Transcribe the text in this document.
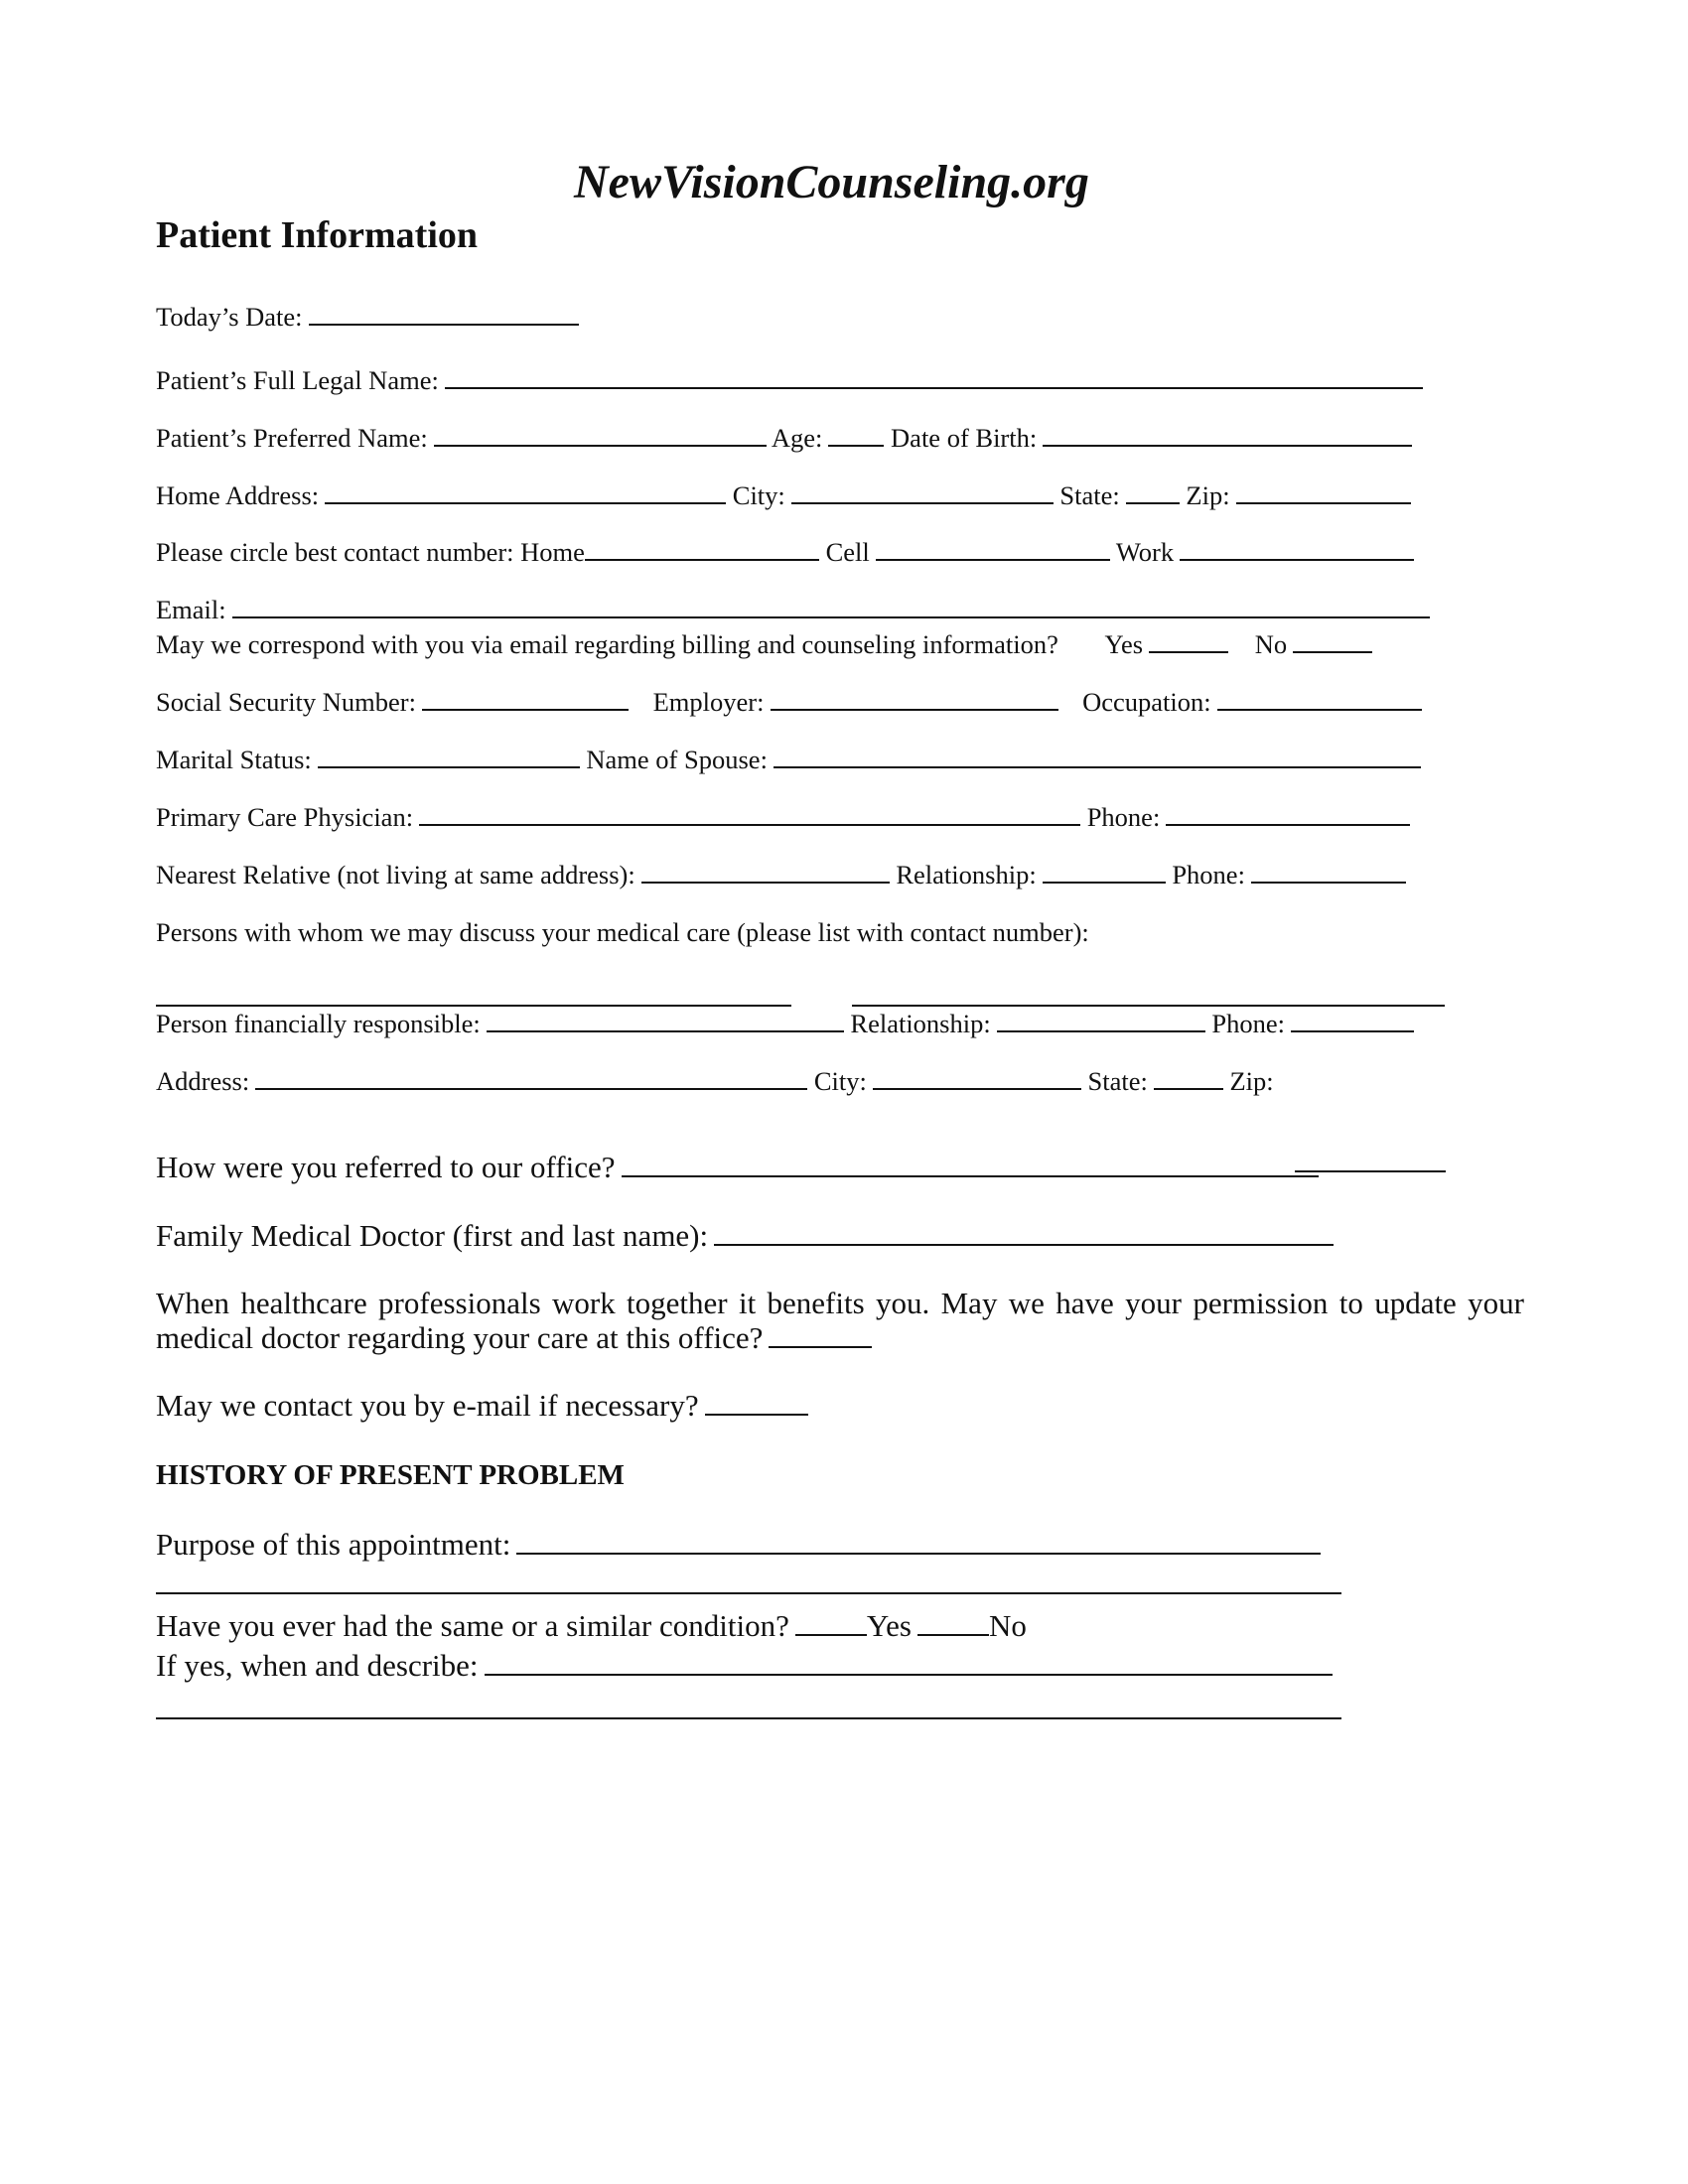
NewVisionCounseling.org
Patient Information
Today’s Date:
Patient’s Full Legal Name:
Patient’s Preferred Name:	Age:	Date of Birth:
Home Address:	City:	State:	Zip:
Please circle best contact number: Home	Cell	Work
Email:
May we correspond with you via email regarding billing and counseling information? Yes	No
Social Security Number:	Employer:	Occupation:
Marital Status:	Name of Spouse:
Primary Care Physician:	Phone:
Nearest Relative (not living at same address):	Relationship:	Phone:
Persons with whom we may discuss your medical care (please list with contact number):
Person financially responsible:	Relationship:	Phone:
Address:	City:	State:	Zip:
How were you referred to our office?
Family Medical Doctor (first and last name):
When healthcare professionals work together it benefits you. May we have your permission to update your medical doctor regarding your care at this office?
May we contact you by e-mail if necessary?
HISTORY OF PRESENT PROBLEM
Purpose of this appointment:
Have you ever had the same or a similar condition?	Yes	No
If yes, when and describe:
